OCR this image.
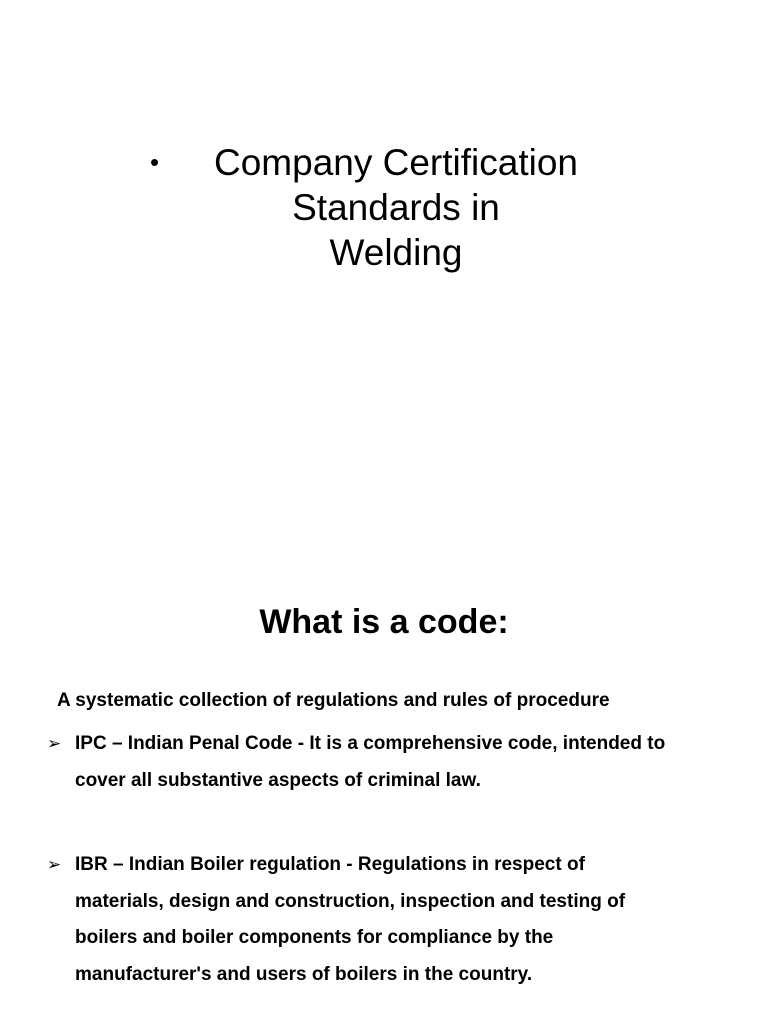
•	Company Certification
Standards in
Welding
What is a code:
A systematic collection of regulations and rules of procedure
➢ IPC – Indian Penal Code - It is a comprehensive code, intended to
cover all substantive aspects of criminal law.
➢ IBR – Indian Boiler regulation - Regulations in respect of
materials, design and construction, inspection and testing of
boilers and boiler components for compliance by the
manufacturer's and users of boilers in the country.
